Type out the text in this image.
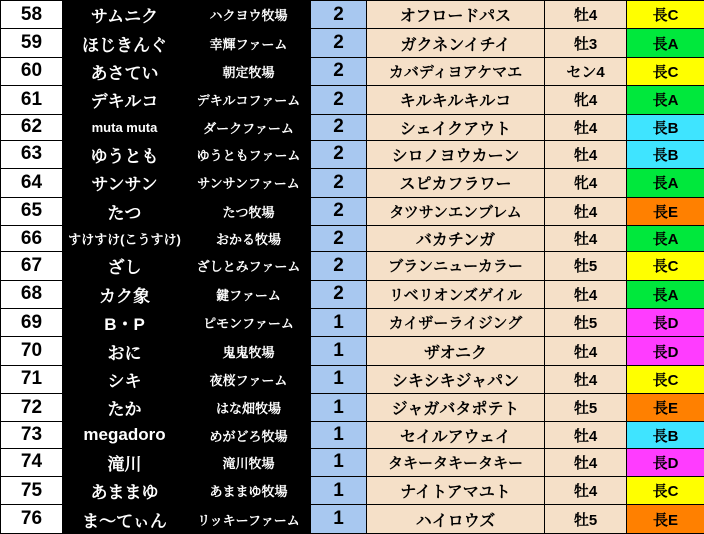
58	サムニク	ハクヨウ牧場	2	オフロードパス	牡4	長C
59	ほじきんぐ	幸輝ファーム	2	ガクネンイチイ	牡3	長A
60	あさてい	朝定牧場	2	カバディヨアケマエ	セン4	長C
61	デキルコ	デキルコファーム	2	キルキルキルコ	牝4	長A
62	muta muta	ダークファーム	2	シェイクアウト	牡4	長B
63	ゆうとも	ゆうともファーム	2	シロノヨウカーン	牡4	長B
64	サンサン	サンサンファーム	2	スピカフラワー	牝4	長A
65	たつ	たつ牧場	2	タツサンエンブレム	牡4	長E
66	すけすけ(こうすけ)	おかる牧場	2	バカチンガ	牡4	長A
67	ざし	ざしとみファーム	2	ブランニューカラー	牡5	長C
68	カク象	鍵ファーム	2	リベリオンズゲイル	牡4	長A
69	B・P	ピモンファーム	1	カイザーライジング	牡5	長D
70	おに	鬼鬼牧場	1	ザオニク	牡4	長D
71	シキ	夜桜ファーム	1	シキシキジャパン	牡4	長C
72	たか	はな畑牧場	1	ジャガバタポテト	牡5	長E
73	megadoro	めがどろ牧場	1	セイルアウェイ	牡4	長B
74	滝川	滝川牧場	1	タキータキータキー	牡4	長D
75	あままゆ	あままゆ牧場	1	ナイトアマユト	牡4	長C
76	ま〜てぃん	リッキーファーム	1	ハイロウズ	牡5	長E
